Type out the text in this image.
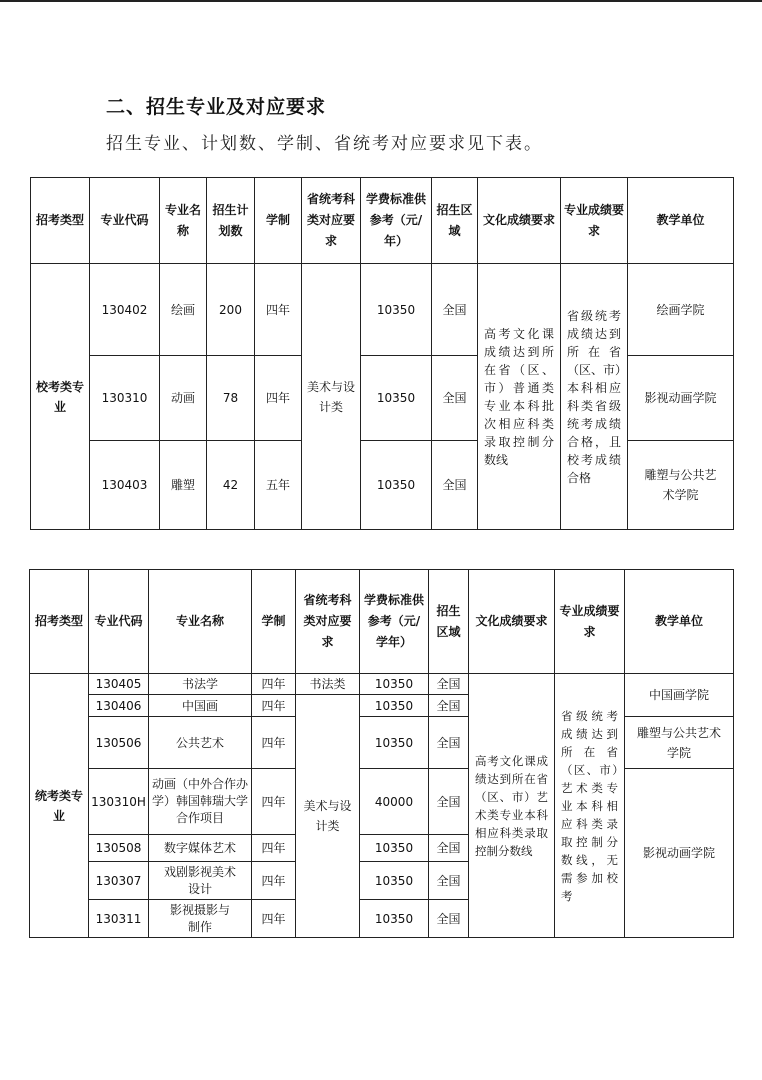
二、招生专业及对应要求
招生专业、计划数、学制、省统考对应要求见下表。
招考类型	专业代码	专业名称	招生计划数	学制	省统考科类对应要求	学费标准供参考（元/年）	招生区域	文化成绩要求	专业成绩要求	教学单位
校考类专业	130402	绘画	200	四年	美术与设计类	10350	全国	高考文化课成绩达到所在省（区、市）普通类专业本科批次相应科类录取控制分数线	省级统考成绩达到所在省（区、市）本科相应科类省级统考成绩合格，且校考成绩合格	绘画学院
	130310	动画	78	四年		10350	全国			影视动画学院
	130403	雕塑	42	五年		10350	全国			雕塑与公共艺术学院
招考类型	专业代码	专业名称	学制	省统考科类对应要求	学费标准供参考（元/学年）	招生区域	文化成绩要求	专业成绩要求	教学单位
统考类专业	130405	书法学	四年	书法类	10350	全国	高考文化课成绩达到所在省（区、市）艺术类专业本科相应科类录取控制分数线	省级统考成绩达到所在省（区、市）艺术类专业本科相应科类录取控制分数线，无需参加校考	中国画学院
	130406	中国画	四年	美术与设计类	10350	全国			
	130506	公共艺术	四年		10350	全国			雕塑与公共艺术学院
	130310H	动画（中外合作办学）韩国韩瑞大学合作项目	四年		40000	全国			影视动画学院
	130508	数字媒体艺术	四年		10350	全国			
	130307	戏剧影视美术设计	四年		10350	全国			
	130311	影视摄影与制作	四年		10350	全国			
